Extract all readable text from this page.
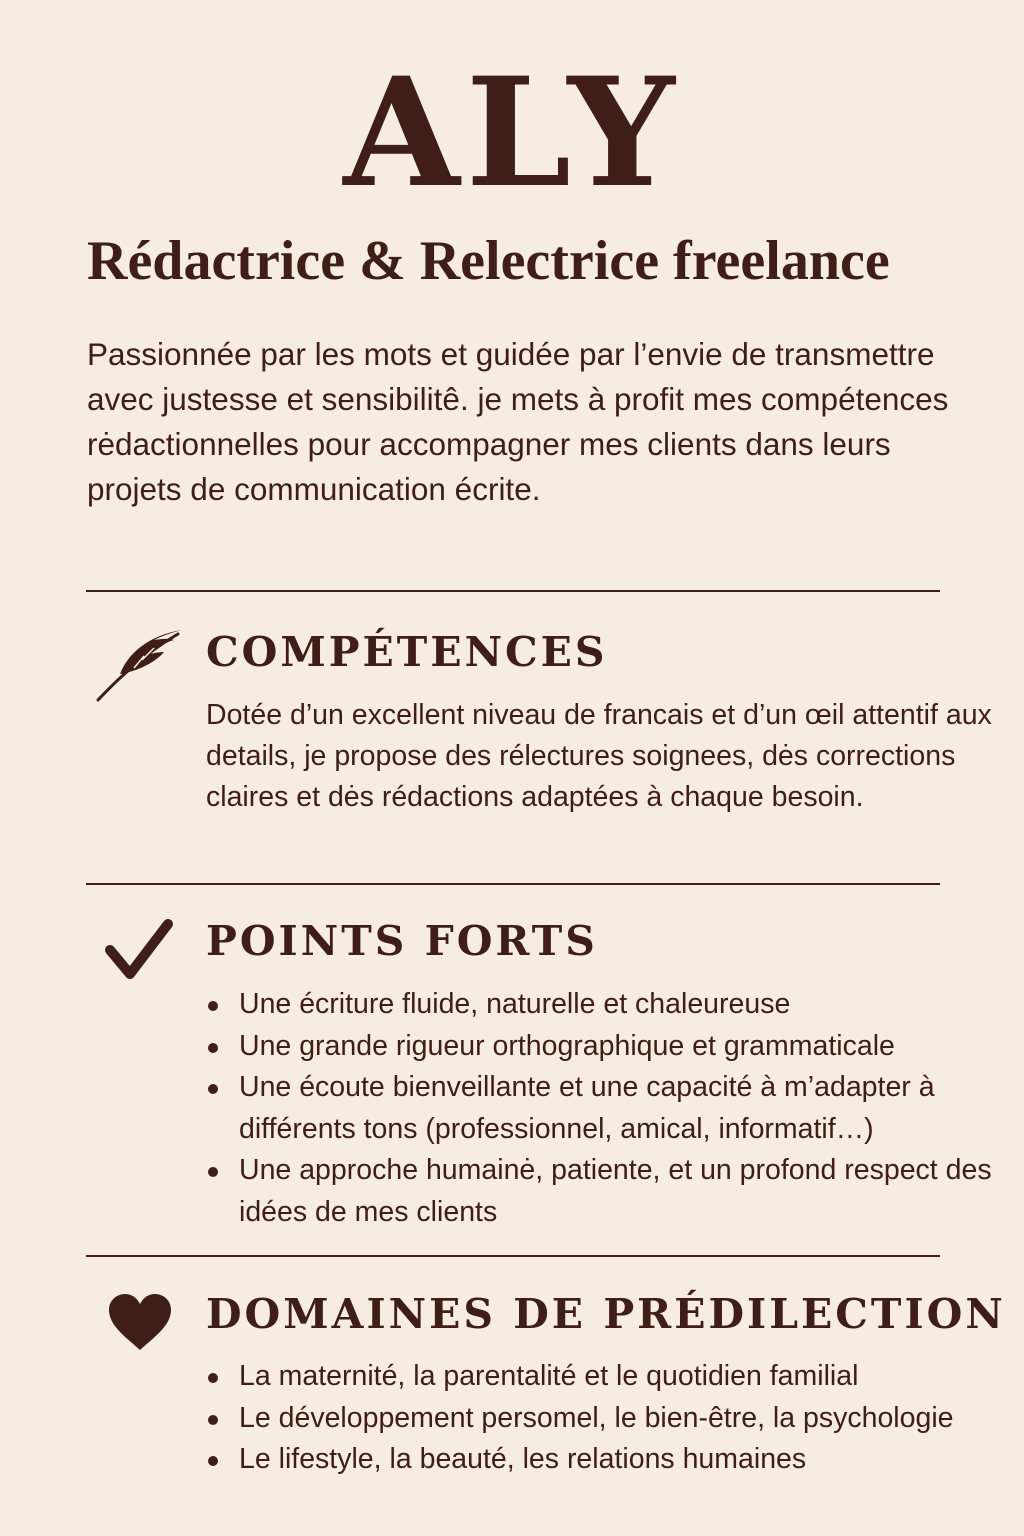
ALY
Rédactrice & Relectrice freelance

Passionnée par les mots et guidée par l’envie de transmettre avec justesse et sensibilitê. je mets à profit mes compétences rėdactionnelles pour accompagner mes clients dans leurs projets de communication écrite.

COMPÉTENCES

Dotée d’un excellent niveau de francais et d’un œil attentif aux details, je propose des rélectures soignees, dės corrections claires et dės rédactions adaptées à chaque besoin.

POINTS FORTS
Une écriture fluide, naturelle et chaleureuse
Une grande rigueur orthographique et grammaticale
Une écoute bienveillante et une capacité à m’adapter à différents tons (professionnel, amical, informatif…)
Une approche humainė, patiente, et un profond respect des idées de mes clients
DOMAINES DE PRÉDILECTION
La maternité, la parentalité et le quotidien familial
Le développement persomel, le bien-être, la psychologie
Le lifestyle, la beauté, les relations humaines
